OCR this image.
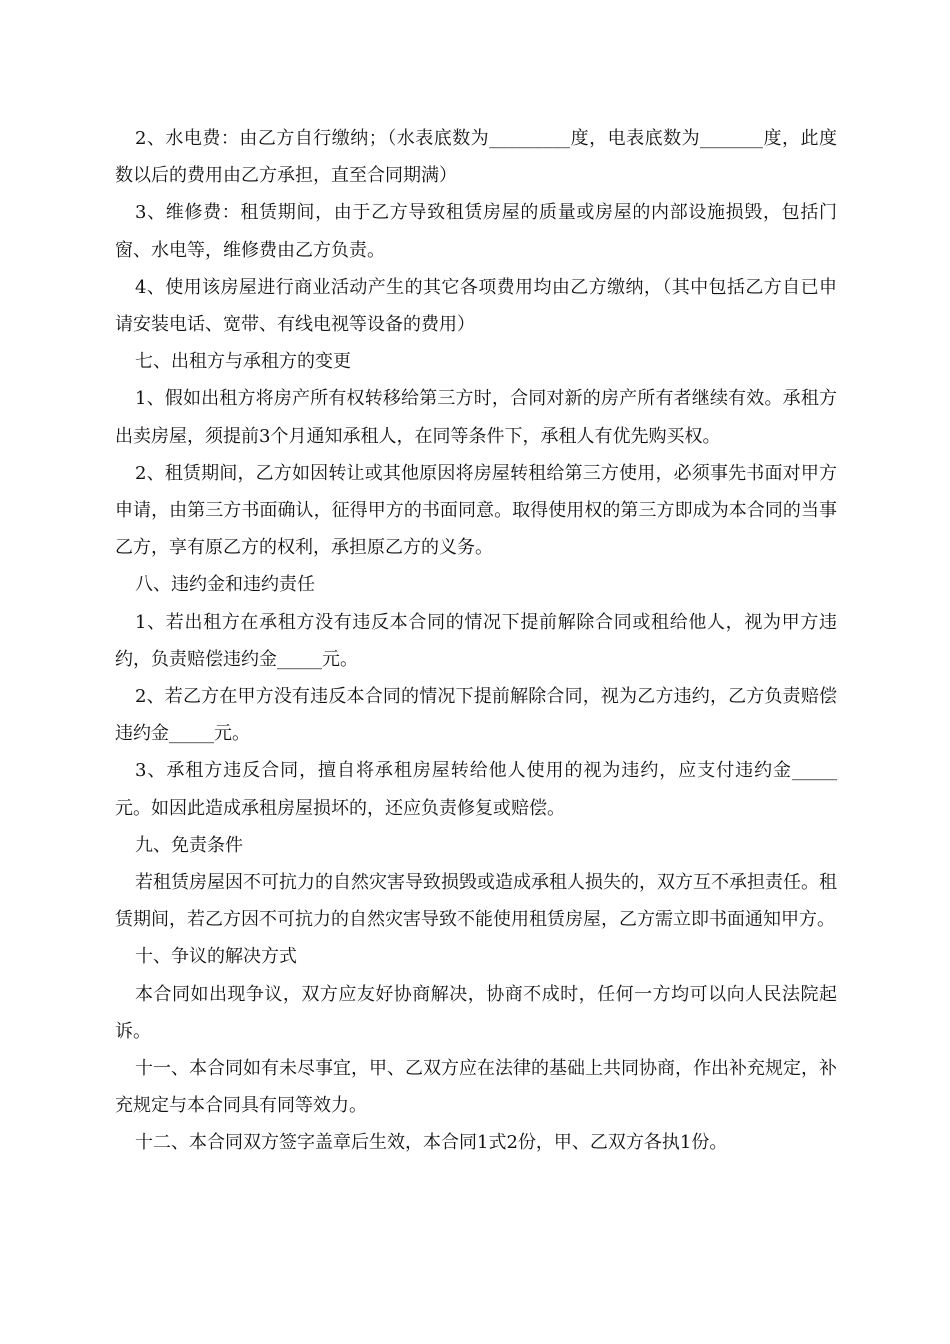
2、水电费：由乙方自行缴纳；（水表底数为_________度，电表底数为_______度，此度数以后的费用由乙方承担，直至合同期满）

3、维修费：租赁期间，由于乙方导致租赁房屋的质量或房屋的内部设施损毁，包括门窗、水电等，维修费由乙方负责。

4、使用该房屋进行商业活动产生的其它各项费用均由乙方缴纳，（其中包括乙方自已申请安装电话、宽带、有线电视等设备的费用）

七、出租方与承租方的变更

1、假如出租方将房产所有权转移给第三方时，合同对新的房产所有者继续有效。承租方出卖房屋，须提前3个月通知承租人，在同等条件下，承租人有优先购买权。

2、租赁期间，乙方如因转让或其他原因将房屋转租给第三方使用，必须事先书面对甲方申请，由第三方书面确认，征得甲方的书面同意。取得使用权的第三方即成为本合同的当事乙方，享有原乙方的权利，承担原乙方的义务。

八、违约金和违约责任

1、若出租方在承租方没有违反本合同的情况下提前解除合同或租给他人，视为甲方违约，负责赔偿违约金_____元。

2、若乙方在甲方没有违反本合同的情况下提前解除合同，视为乙方违约，乙方负责赔偿违约金_____元。

3、承租方违反合同，擅自将承租房屋转给他人使用的视为违约，应支付违约金_____元。如因此造成承租房屋损坏的，还应负责修复或赔偿。

九、免责条件

若租赁房屋因不可抗力的自然灾害导致损毁或造成承租人损失的，双方互不承担责任。租赁期间，若乙方因不可抗力的自然灾害导致不能使用租赁房屋，乙方需立即书面通知甲方。

十、争议的解决方式

本合同如出现争议，双方应友好协商解决，协商不成时，任何一方均可以向人民法院起诉。

十一、本合同如有未尽事宜，甲、乙双方应在法律的基础上共同协商，作出补充规定，补充规定与本合同具有同等效力。

十二、本合同双方签字盖章后生效，本合同1式2份，甲、乙双方各执1份。
